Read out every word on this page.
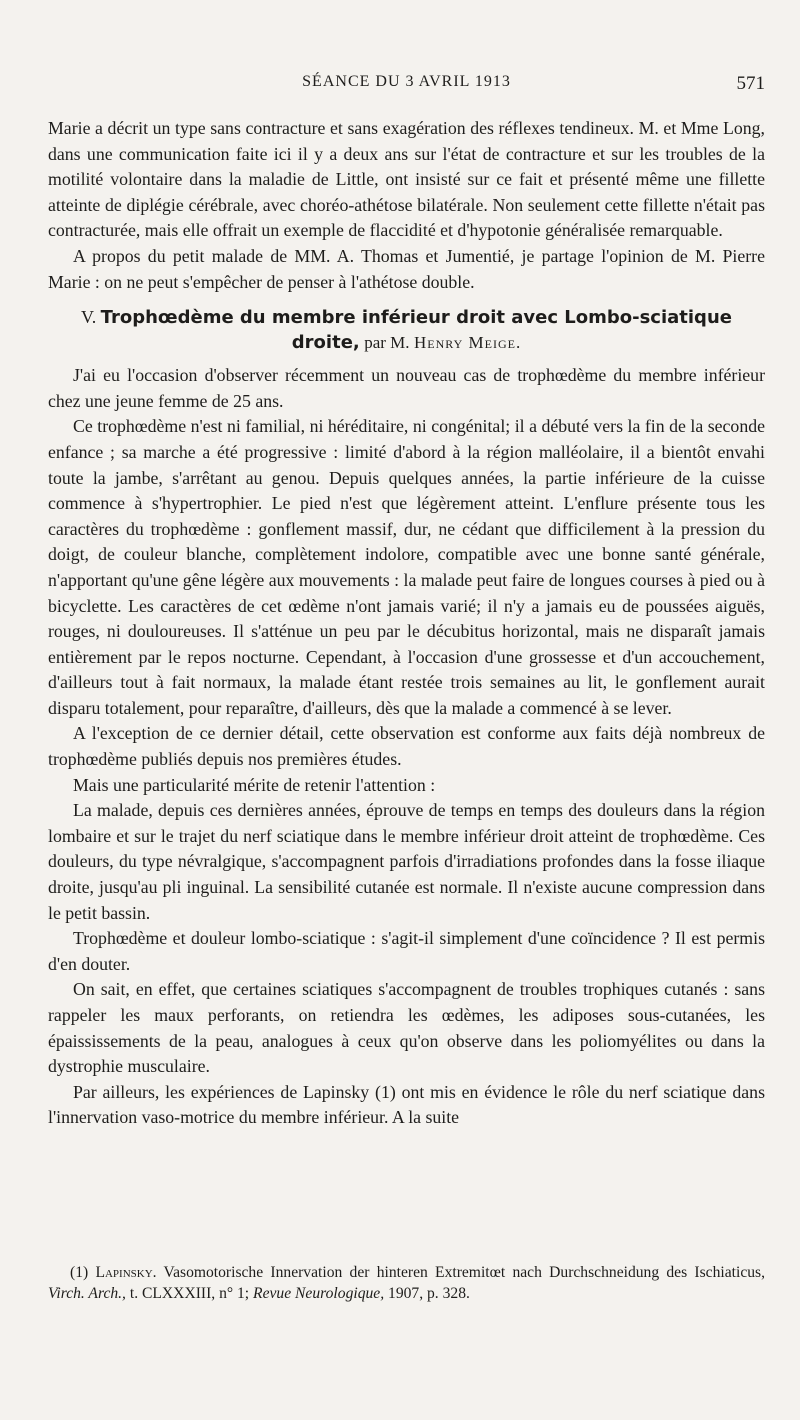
SÉANCE DU 3 AVRIL 1913	571

Marie a décrit un type sans contracture et sans exagération des réflexes tendineux. M. et Mme Long, dans une communication faite ici il y a deux ans sur l'état de contracture et sur les troubles de la motilité volontaire dans la maladie de Little, ont insisté sur ce fait et présenté même une fillette atteinte de diplégie cérébrale, avec choréo-athétose bilatérale. Non seulement cette fillette n'était pas contracturée, mais elle offrait un exemple de flaccidité et d'hypotonie généralisée remarquable.

A propos du petit malade de MM. A. Thomas et Jumentié, je partage l'opinion de M. Pierre Marie : on ne peut s'empêcher de penser à l'athétose double.

V. Trophœdème du membre inférieur droit avec Lombo-sciatique
droite, par M. Henry Meige.

J'ai eu l'occasion d'observer récemment un nouveau cas de trophœdème du membre inférieur chez une jeune femme de 25 ans.

Ce trophœdème n'est ni familial, ni héréditaire, ni congénital; il a débuté vers la fin de la seconde enfance ; sa marche a été progressive : limité d'abord à la région malléolaire, il a bientôt envahi toute la jambe, s'arrêtant au genou. Depuis quelques années, la partie inférieure de la cuisse commence à s'hypertrophier. Le pied n'est que légèrement atteint. L'enflure présente tous les caractères du trophœdème : gonflement massif, dur, ne cédant que difficilement à la pression du doigt, de couleur blanche, complètement indolore, compatible avec une bonne santé générale, n'apportant qu'une gêne légère aux mouvements : la malade peut faire de longues courses à pied ou à bicyclette. Les caractères de cet œdème n'ont jamais varié; il n'y a jamais eu de poussées aiguës, rouges, ni douloureuses. Il s'atténue un peu par le décubitus horizontal, mais ne disparaît jamais entièrement par le repos nocturne. Cependant, à l'occasion d'une grossesse et d'un accouchement, d'ailleurs tout à fait normaux, la malade étant restée trois semaines au lit, le gonflement aurait disparu totalement, pour reparaître, d'ailleurs, dès que la malade a commencé à se lever.

A l'exception de ce dernier détail, cette observation est conforme aux faits déjà nombreux de trophœdème publiés depuis nos premières études.

Mais une particularité mérite de retenir l'attention :

La malade, depuis ces dernières années, éprouve de temps en temps des douleurs dans la région lombaire et sur le trajet du nerf sciatique dans le membre inférieur droit atteint de trophœdème. Ces douleurs, du type névralgique, s'accompagnent parfois d'irradiations profondes dans la fosse iliaque droite, jusqu'au pli inguinal. La sensibilité cutanée est normale. Il n'existe aucune compression dans le petit bassin.

Trophœdème et douleur lombo-sciatique : s'agit-il simplement d'une coïncidence ? Il est permis d'en douter.

On sait, en effet, que certaines sciatiques s'accompagnent de troubles trophiques cutanés : sans rappeler les maux perforants, on retiendra les œdèmes, les adiposes sous-cutanées, les épaississements de la peau, analogues à ceux qu'on observe dans les poliomyélites ou dans la dystrophie musculaire.

Par ailleurs, les expériences de Lapinsky (1) ont mis en évidence le rôle du nerf sciatique dans l'innervation vaso-motrice du membre inférieur. A la suite

(1) Lapinsky. Vasomotorische Innervation der hinteren Extremitœt nach Durchschneidung des Ischiaticus, Virch. Arch., t. CLXXXIII, n° 1; Revue Neurologique, 1907, p. 328.
